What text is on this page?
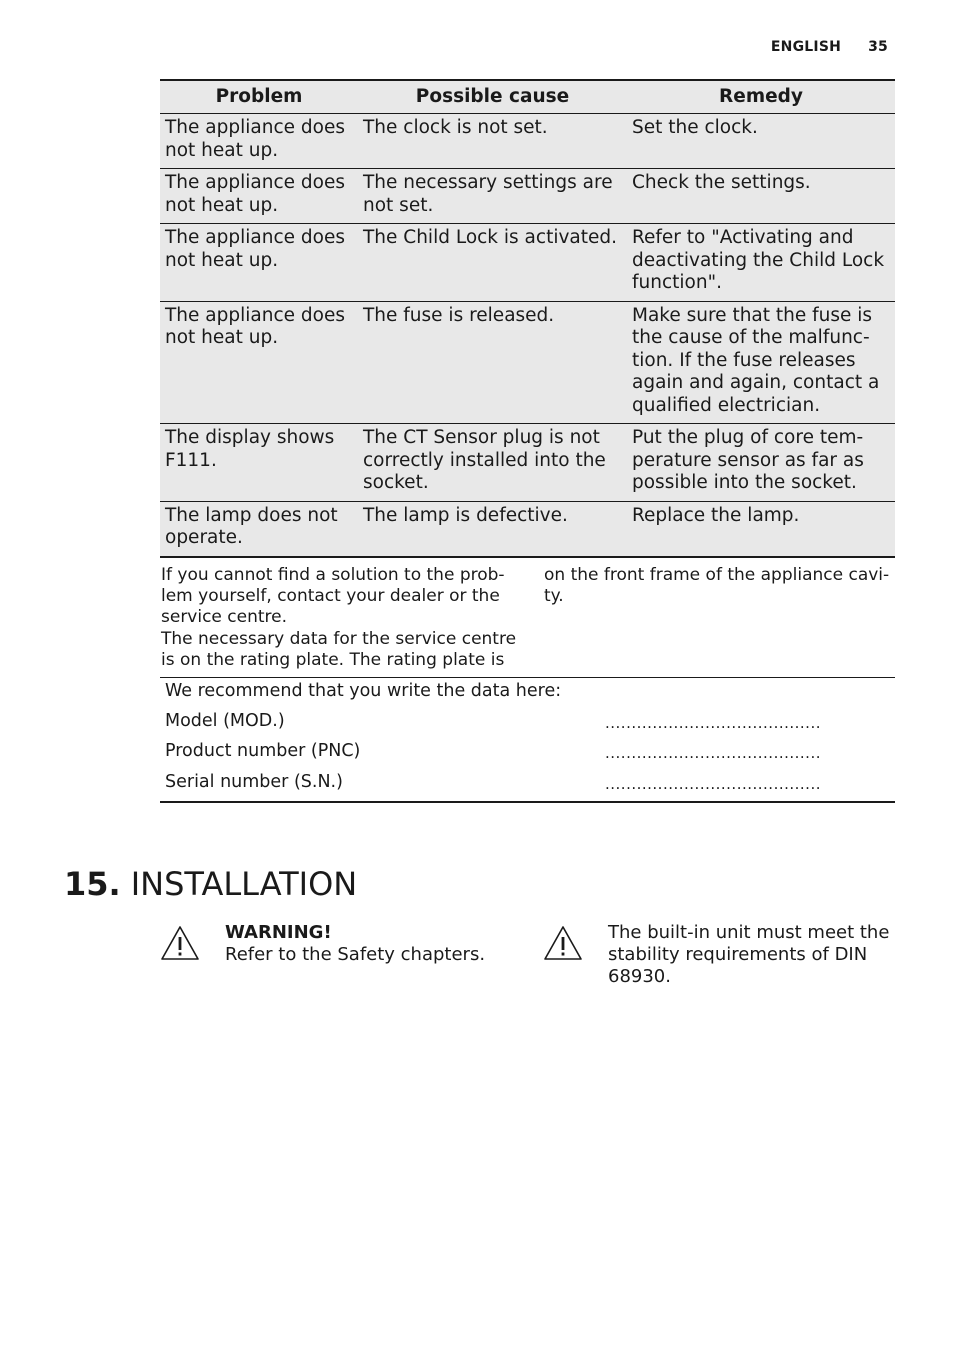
ENGLISH 35
Problem	Possible cause	Remedy
The appliance does not heat up.	The clock is not set.	Set the clock.
The appliance does not heat up.	The necessary settings are not set.	Check the settings.
The appliance does not heat up.	The Child Lock is activated.	Refer to "Activating and deactivating the Child Lock function".
The appliance does not heat up.	The fuse is released.	Make sure that the fuse is the cause of the malfunc-tion. If the fuse releases again and again, contact a qualified electrician.
The display shows F111.	The CT Sensor plug is not correctly installed into the socket.	Put the plug of core tem-perature sensor as far as possible into the socket.
The lamp does not operate.	The lamp is defective.	Replace the lamp.
If you cannot find a solution to the prob-
lem yourself, contact your dealer or the
service centre.
The necessary data for the service centre
is on the rating plate. The rating plate is
on the front frame of the appliance cavi-
ty.
We recommend that you write the data here:
Model (MOD.)	.........................................
Product number (PNC)	.........................................
Serial number (S.N.)	.........................................
15. INSTALLATION
WARNING!
Refer to the Safety chapters.
The built-in unit must meet the
stability requirements of DIN
68930.
